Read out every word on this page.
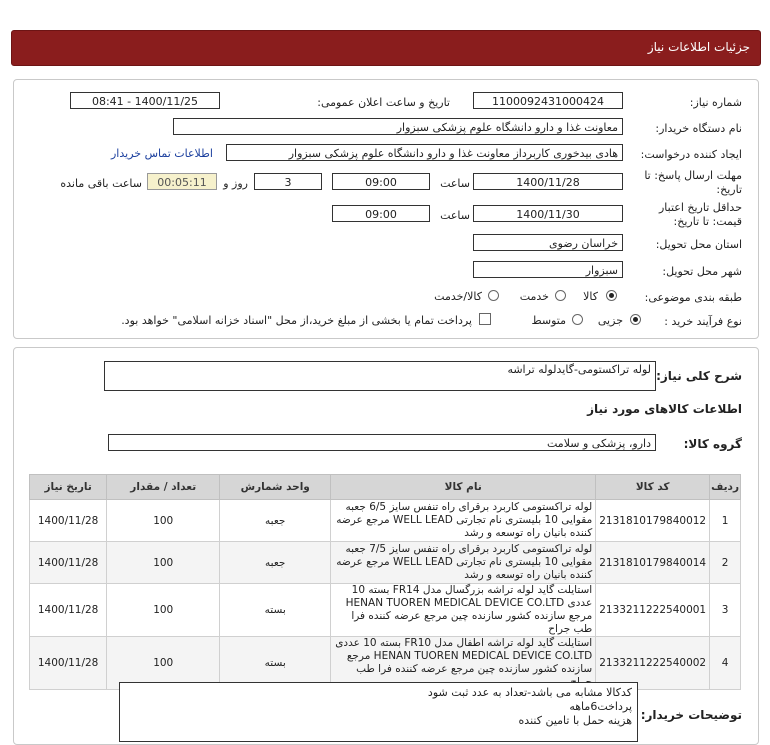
جزئیات اطلاعات نیاز
شماره نیاز:
1100092431000424
تاریخ و ساعت اعلان عمومی:
1400/11/25 - 08:41
نام دستگاه خریدار:
معاونت غذا و دارو دانشگاه علوم پزشکی سبزوار
ایجاد کننده درخواست:
هادی بیدخوری کاربرداز معاونت غذا و دارو دانشگاه علوم پزشکی سبزوار
اطلاعات تماس خریدار
مهلت ارسال پاسخ: تا
تاریخ:
1400/11/28
ساعت
09:00
3
روز و
00:05:11
ساعت باقی مانده
حداقل تاریخ اعتبار
قیمت: تا تاریخ:
1400/11/30
ساعت
09:00
استان محل تحویل:
خراسان رضوی
شهر محل تحویل:
سبزوار
طبقه بندی موضوعی:
کالا
خدمت
کالا/خدمت
نوع فرآیند خرید :
جزیی
متوسط
پرداخت تمام یا بخشی از مبلغ خرید،از محل "اسناد خزانه اسلامی" خواهد بود.
شرح کلی نیاز:
لوله تراکستومی-گایدلوله تراشه
اطلاعات کالاهای مورد نیاز
گروه کالا:
دارو، پزشکی و سلامت
ردیف	کد کالا	نام کالا	واحد شمارش	تعداد / مقدار	تاریخ نیاز
1	2131810179840012	لوله تراکستومی کاربرد برقرای راه تنفس سایز 6/5 جعبه مقوایی 10 بلیستری نام تجارتی WELL LEAD مرجع عرضه کننده بانیان راه توسعه و رشد	جعبه	100	1400/11/28
2	2131810179840014	لوله تراکستومی کاربرد برقرای راه تنفس سایز 7/5 جعبه مقوایی 10 بلیستری نام تجارتی WELL LEAD مرجع عرضه کننده بانیان راه توسعه و رشد	جعبه	100	1400/11/28
3	2133211222540001	استایلت گاید لوله تراشه بزرگسال مدل FR14 بسته 10 عددی HENAN TUOREN MEDICAL DEVICE CO.LTD مرجع سازنده کشور سازنده چین مرجع عرضه کننده فرا طب جراح	بسته	100	1400/11/28
4	2133211222540002	استایلت گاید لوله تراشه اطفال مدل FR10 بسته 10 عددی HENAN TUOREN MEDICAL DEVICE CO.LTD مرجع سازنده کشور سازنده چین مرجع عرضه کننده فرا طب	بسته	100	1400/11/28
توضیحات خریدار:
کدکالا مشابه می باشد-تعداد به عدد ثبت شود
پرداخت6ماهه
هزینه حمل با تامین کننده
